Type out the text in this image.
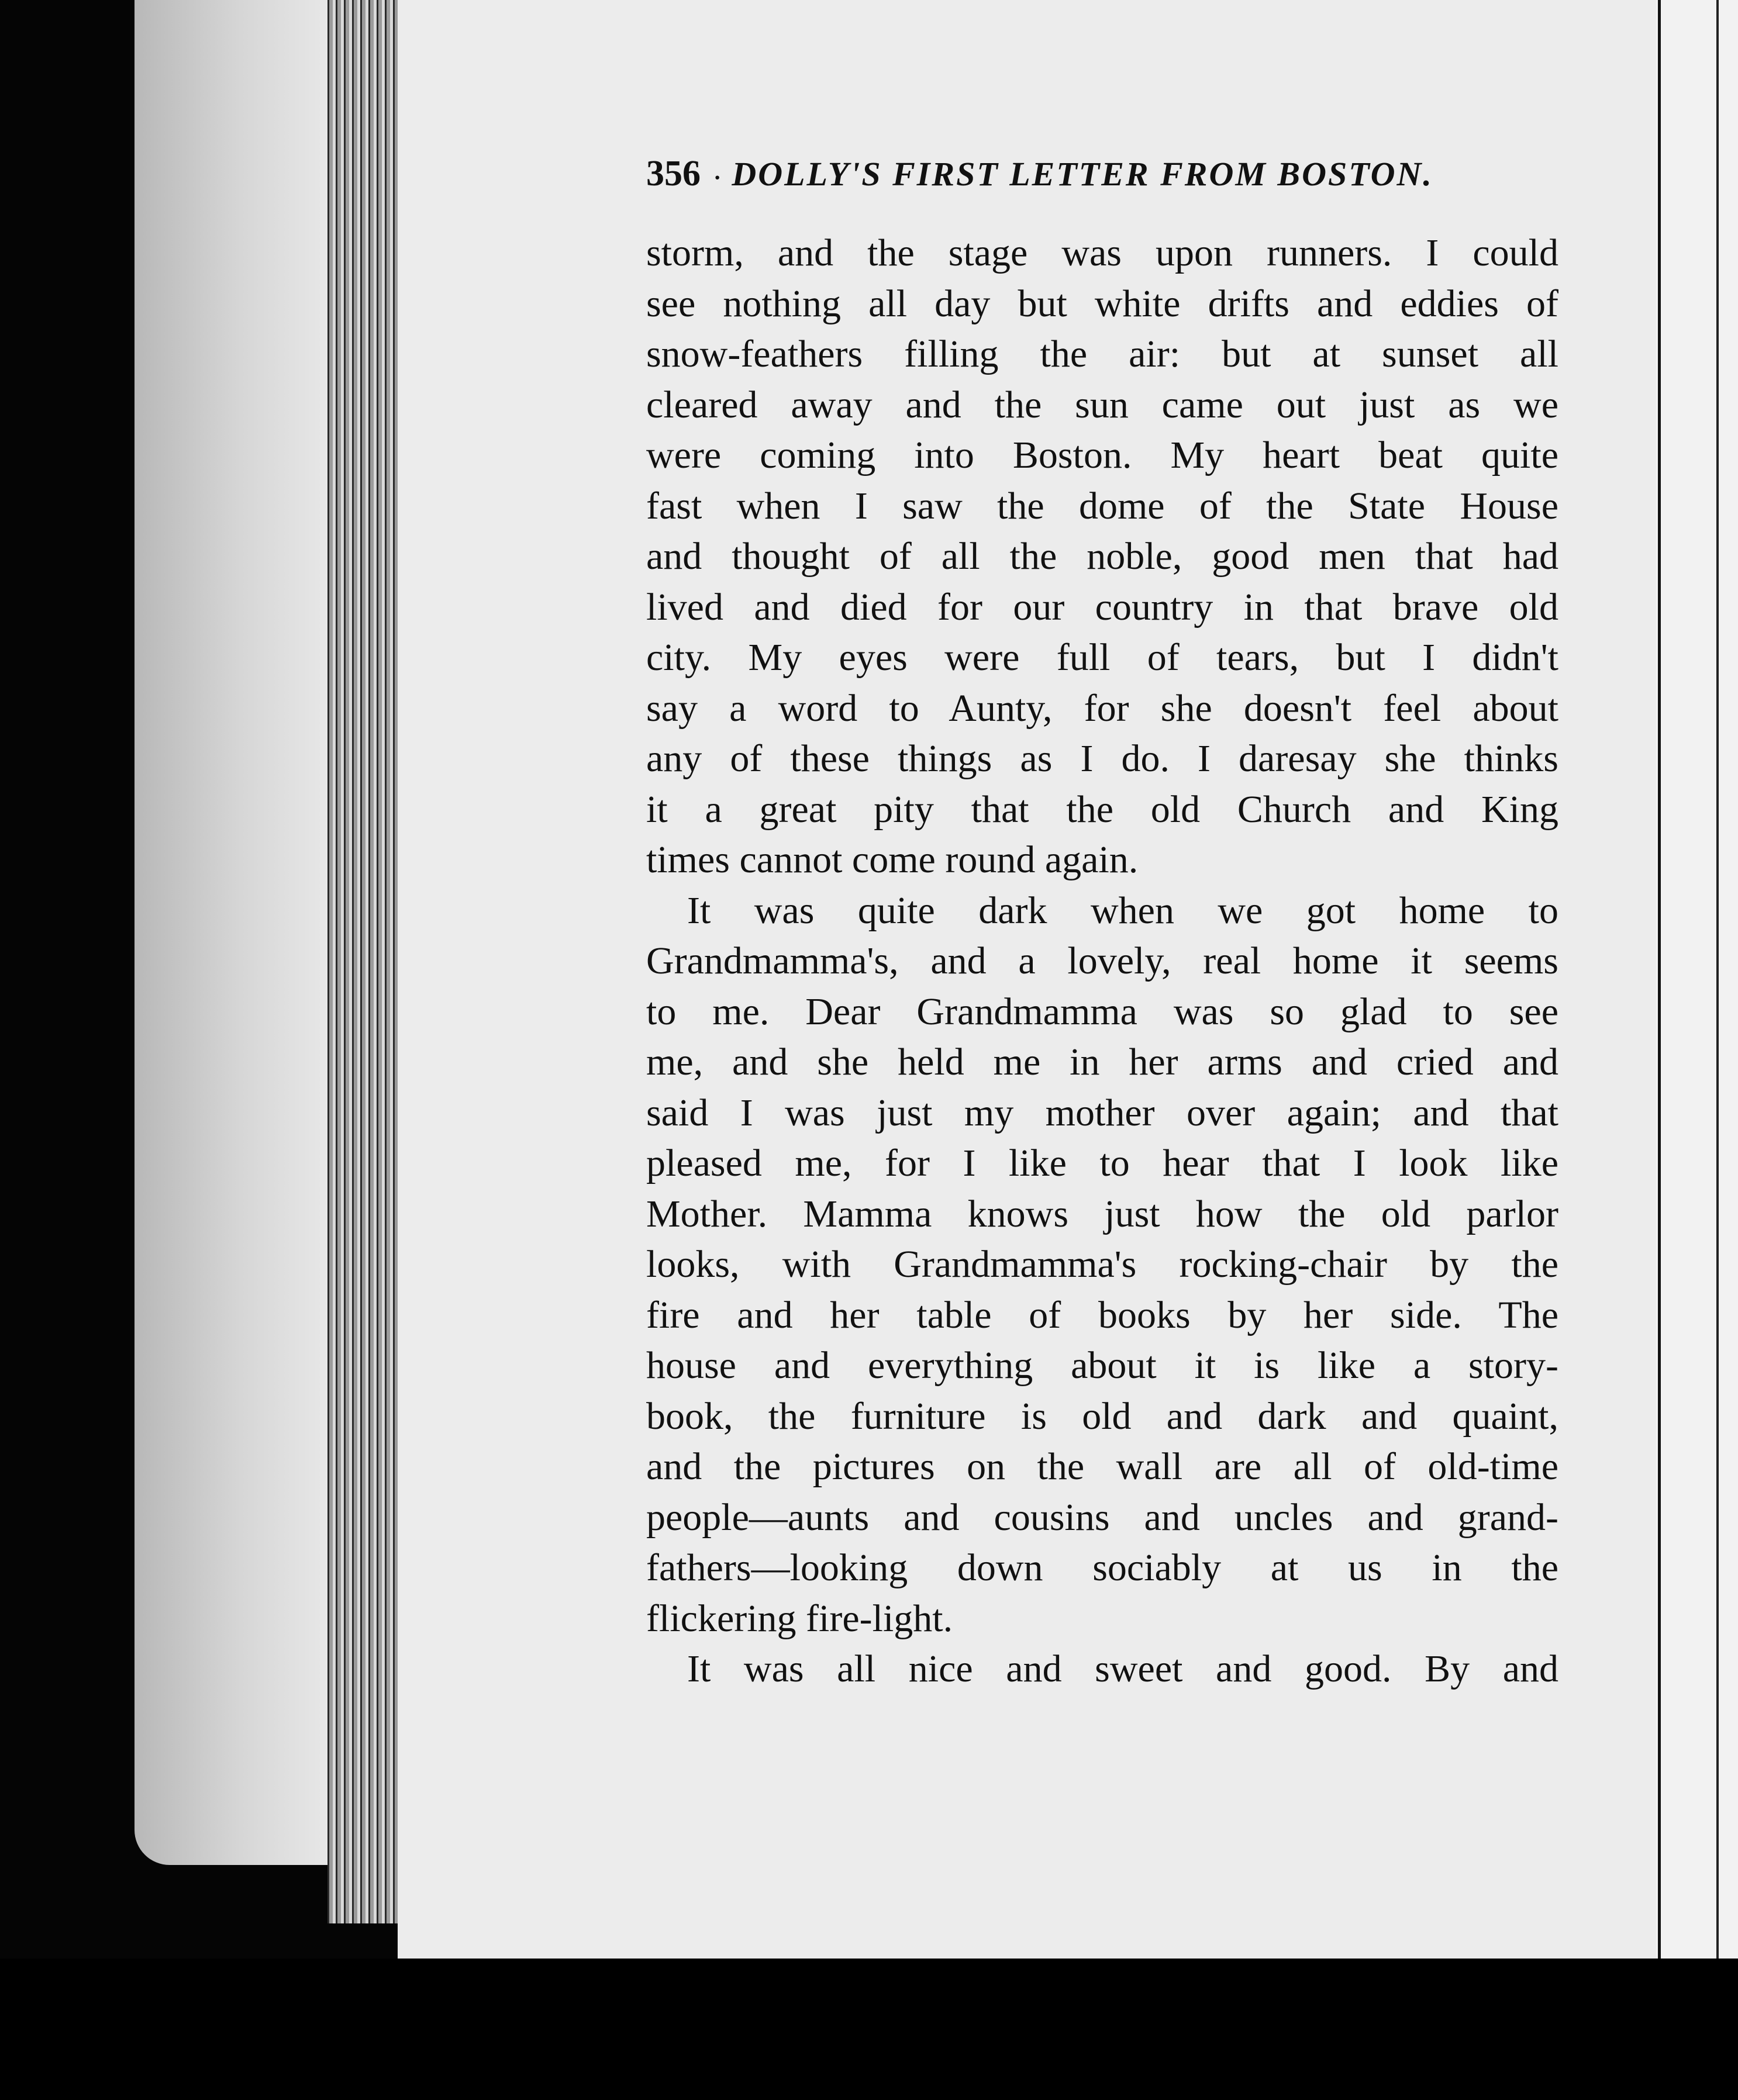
356 · DOLLY'S FIRST LETTER FROM BOSTON.
storm, and the stage was upon runners. I could
see nothing all day but white drifts and eddies of
snow-feathers filling the air: but at sunset all
cleared away and the sun came out just as we
were coming into Boston. My heart beat quite
fast when I saw the dome of the State House
and thought of all the noble, good men that had
lived and died for our country in that brave old
city. My eyes were full of tears, but I didn't
say a word to Aunty, for she doesn't feel about
any of these things as I do. I daresay she thinks
it a great pity that the old Church and King
times cannot come round again.
It was quite dark when we got home to
Grandmamma's, and a lovely, real home it seems
to me. Dear Grandmamma was so glad to see
me, and she held me in her arms and cried and
said I was just my mother over again; and that
pleased me, for I like to hear that I look like
Mother. Mamma knows just how the old parlor
looks, with Grandmamma's rocking-chair by the
fire and her table of books by her side. The
house and everything about it is like a story-
book, the furniture is old and dark and quaint,
and the pictures on the wall are all of old-time
people—aunts and cousins and uncles and grand-
fathers—looking down sociably at us in the
flickering fire-light.
It was all nice and sweet and good. By and
